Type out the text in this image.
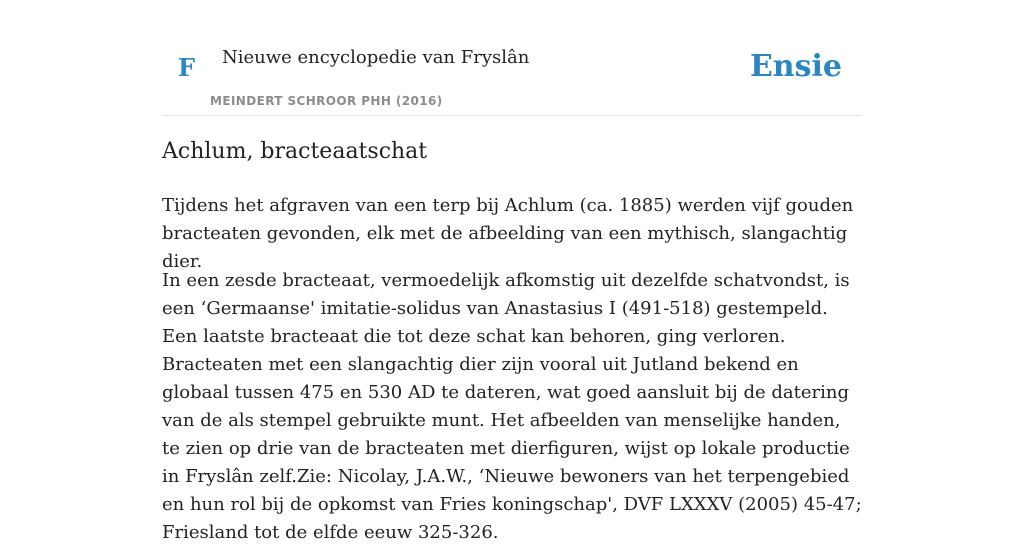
F Nieuwe encyclopedie van Fryslân
MEINDERT SCHROOR PHH (2016)
Ensie
Achlum, bracteaatschat

Tijdens het afgraven van een terp bij Achlum (ca. 1885) werden vijf gouden bracteaten gevonden, elk met de afbeelding van een mythisch, slangachtig dier.

In een zesde bracteaat, vermoedelijk afkomstig uit dezelfde schatvondst, is een ‘Germaanse' imitatie-solidus van Anastasius I (491-518) gestempeld. Een laatste bracteaat die tot deze schat kan behoren, ging verloren. Bracteaten met een slangachtig dier zijn vooral uit Jutland bekend en globaal tussen 475 en 530 AD te dateren, wat goed aansluit bij de datering van de als stempel gebruikte munt. Het afbeelden van menselijke handen, te zien op drie van de bracteaten met dierfiguren, wijst op lokale productie in Fryslân zelf.Zie: Nicolay, J.A.W., ‘Nieuwe bewoners van het terpengebied en hun rol bij de opkomst van Fries koningschap', DVF LXXXV (2005) 45-47; Friesland tot de elfde eeuw 325-326.
